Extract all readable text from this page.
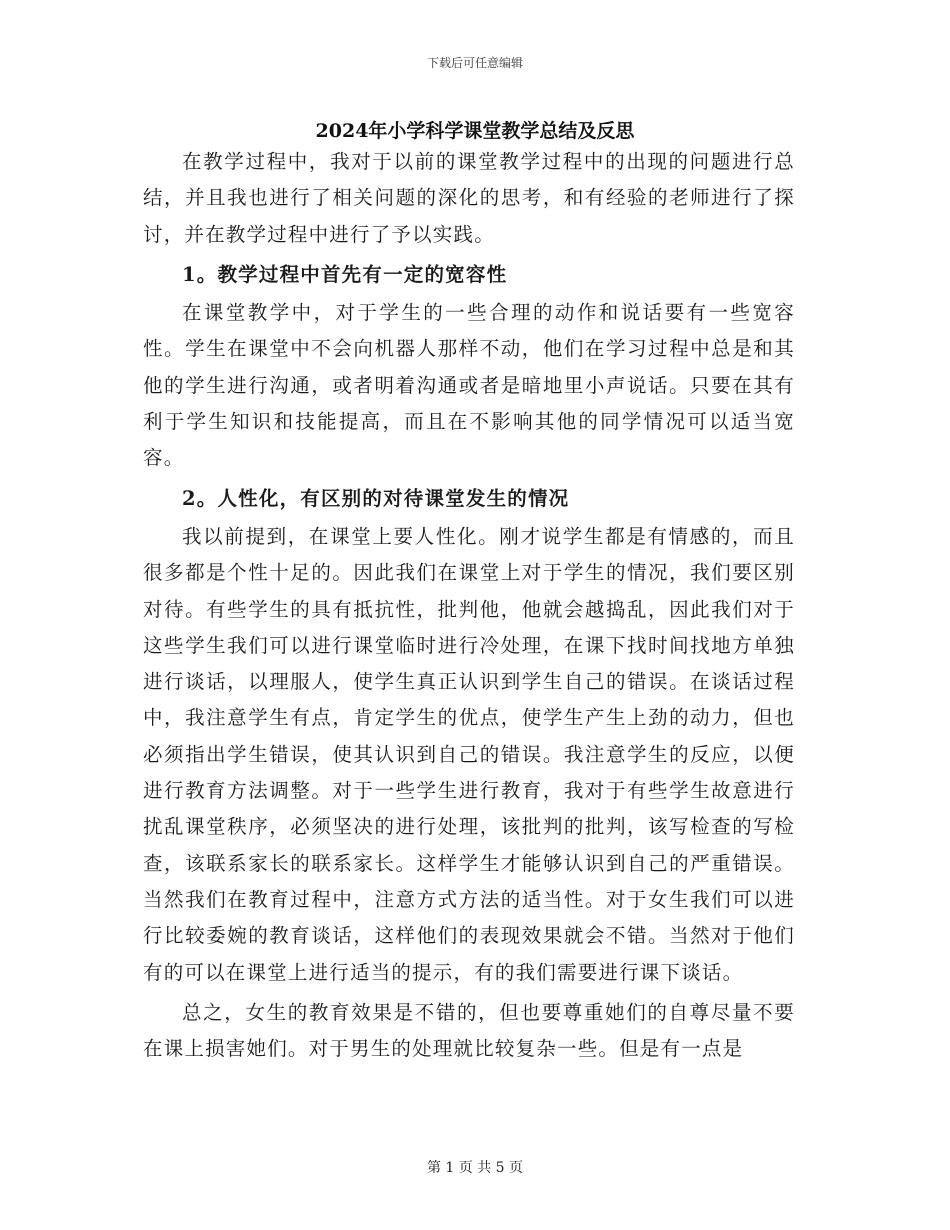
下载后可任意编辑
2024年小学科学课堂教学总结及反思

在教学过程中，我对于以前的课堂教学过程中的出现的问题进行总结，并且我也进行了相关问题的深化的思考，和有经验的老师进行了探讨，并在教学过程中进行了予以实践。

1。教学过程中首先有一定的宽容性

在课堂教学中，对于学生的一些合理的动作和说话要有一些宽容性。学生在课堂中不会向机器人那样不动，他们在学习过程中总是和其他的学生进行沟通，或者明着沟通或者是暗地里小声说话。只要在其有利于学生知识和技能提高，而且在不影响其他的同学情况可以适当宽容。

2。人性化，有区别的对待课堂发生的情况

我以前提到，在课堂上要人性化。刚才说学生都是有情感的，而且很多都是个性十足的。因此我们在课堂上对于学生的情况，我们要区别对待。有些学生的具有抵抗性，批判他，他就会越捣乱，因此我们对于这些学生我们可以进行课堂临时进行冷处理，在课下找时间找地方单独进行谈话，以理服人，使学生真正认识到学生自己的错误。在谈话过程中，我注意学生有点，肯定学生的优点，使学生产生上劲的动力，但也必须指出学生错误，使其认识到自己的错误。我注意学生的反应，以便进行教育方法调整。对于一些学生进行教育，我对于有些学生故意进行扰乱课堂秩序，必须坚决的进行处理，该批判的批判，该写检查的写检查，该联系家长的联系家长。这样学生才能够认识到自己的严重错误。当然我们在教育过程中，注意方式方法的适当性。对于女生我们可以进行比较委婉的教育谈话，这样他们的表现效果就会不错。当然对于他们有的可以在课堂上进行适当的提示，有的我们需要进行课下谈话。

总之，女生的教育效果是不错的，但也要尊重她们的自尊尽量不要在课上损害她们。对于男生的处理就比较复杂一些。但是有一点是

第 1 页 共 5 页
